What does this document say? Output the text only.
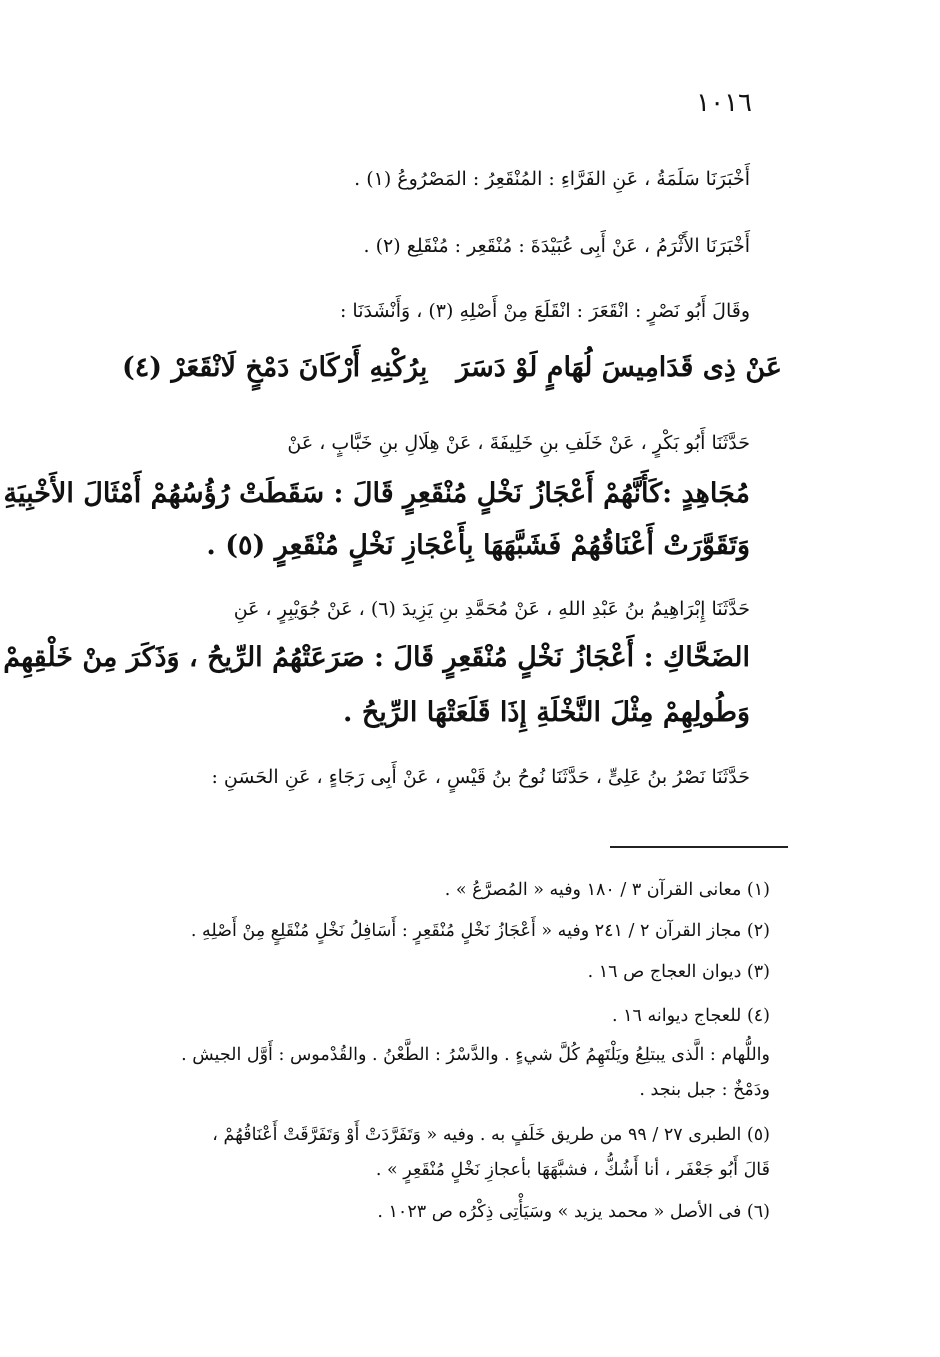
١٠١٦
أَخْبَرَنَا سَلَمَةُ ، عَنِ الفَرَّاءِ : المُنْقَعِرُ : المَصْرُوعُ (١) .
أَخْبَرَنَا الأَثْرَمُ ، عَنْ أَبِى عُبَيْدَةَ : مُنْقَعِر : مُنْقَلِع (٢) .
وقَالَ أَبُو نَصْرٍ : انْقَعَرَ : انْقَلَعَ مِنْ أَصْلِهِ (٣) ، وَأَنْشَدَنَا :
عَنْ ذِى قَدَامِيسَ لُهَامٍ لَوْ دَسَرَ
بِرُكْنِهِ أَرْكَانَ دَمْخٍ لَانْقَعَرْ (٤)
حَدَّثَنَا أَبُو بَكْرٍ ، عَنْ خَلَفِ بنِ خَلِيفَةَ ، عَنْ هِلَالِ بنِ خَبَّابٍ ، عَنْ
مُجَاهِدٍ :كَأَنَّهُمْ أَعْجَازُ نَخْلٍ مُنْقَعِرٍ قَالَ : سَقَطَتْ رُؤُسُهُمْ أَمْثَالَ الأَخْبِيَةِ
وَتَقَوَّرَتْ أَعْنَاقُهُمْ فَشَبَّهَهَا بِأَعْجَازِ نَخْلٍ مُنْقَعِرٍ (٥) .
حَدَّثَنَا إِبْرَاهِيمُ بنُ عَبْدِ اللهِ ، عَنْ مُحَمَّدِ بنِ يَزِيدَ (٦) ، عَنْ جُوَيْبِرٍ ، عَنِ
الضَحَّاكِ : أَعْجَازُ نَخْلٍ مُنْقَعِرٍ قَالَ : صَرَعَتْهُمُ الرِّيحُ ، وَذَكَرَ مِنْ خَلْقِهِمْ
وَطُولِهِمْ مِثْلَ النَّخْلَةِ إِذَا قَلَعَتْهَا الرِّيحُ .
حَدَّثَنَا نَصْرُ بنُ عَلِىٍّ ، حَدَّثَنَا نُوحُ بنُ قَيْسٍ ، عَنْ أَبِى رَجَاءٍ ، عَنِ الحَسَنِ :
(١) معانى القرآن ٣ / ١٨٠ وفيه « المُصرَّعُ » .
(٢) مجاز القرآن ٢ / ٢٤١ وفيه « أَعْجَازُ نَخْلٍ مُنْقَعِرٍ : أَسَافِلُ نَخْلٍ مُنْقَلِعٍ مِنْ أَصْلِهِ .
(٣) ديوان العجاج ص ١٦ .
(٤) للعجاج ديوانه ١٦ .
واللُّهام : الَّذى يبتلِعُ ويَلْتَهِمُ كُلَّ شيءٍ . والدَّسْرُ : الطَّعْنُ . والقُدْموس : أَوَّل الجيش .
ودَمْخٌ : جبل بنجد .
(٥) الطبرى ٢٧ / ٩٩ من طريق خَلَفٍ به . وفيه « وَتَفَرَّدَتْ أَوْ وَتَفَرَّقَتْ أَعْنَاقُهُمْ ،
قَالَ أَبُو جَعْفَر ، أنا أَشُكُّ ، فشبَّهَهَا بأعجازِ نَخْلٍ مُنْقَعِرٍ » .
(٦) فى الأصل « محمد يزيد » وسَيَأْتِى ذِكْرُه ص ١٠٢٣ .
